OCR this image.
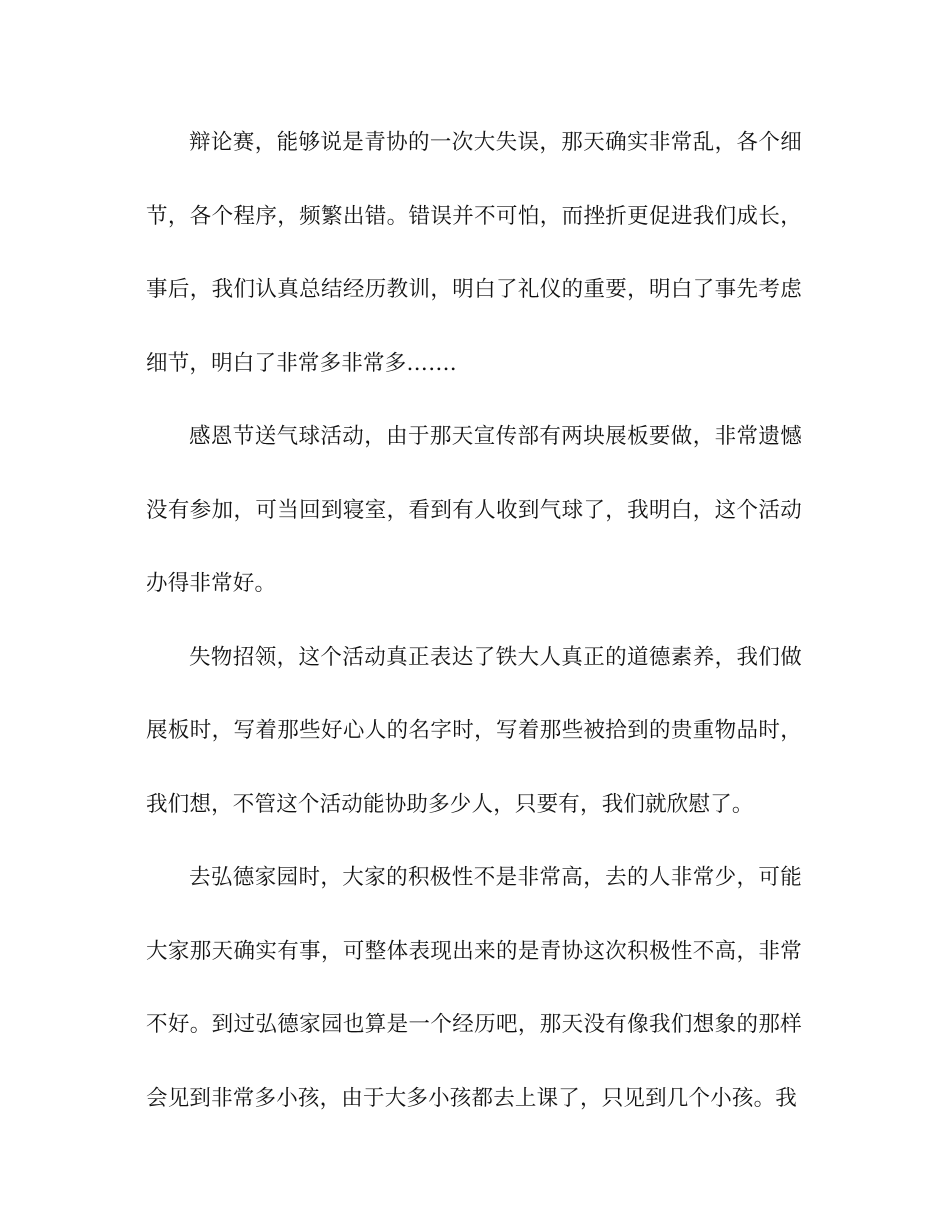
辩论赛，能够说是青协的一次大失误，那天确实非常乱，各个细节，各个程序，频繁出错。错误并不可怕，而挫折更促进我们成长，事后，我们认真总结经历教训，明白了礼仪的重要，明白了事先考虑细节，明白了非常多非常多…….

感恩节送气球活动，由于那天宣传部有两块展板要做，非常遗憾没有参加，可当回到寝室，看到有人收到气球了，我明白，这个活动办得非常好。

失物招领，这个活动真正表达了铁大人真正的道德素养，我们做展板时，写着那些好心人的名字时，写着那些被拾到的贵重物品时，我们想，不管这个活动能协助多少人，只要有，我们就欣慰了。

去弘德家园时，大家的积极性不是非常高，去的人非常少，可能大家那天确实有事，可整体表现出来的是青协这次积极性不高，非常不好。到过弘德家园也算是一个经历吧，那天没有像我们想象的那样会见到非常多小孩，由于大多小孩都去上课了，只见到几个小孩。我
